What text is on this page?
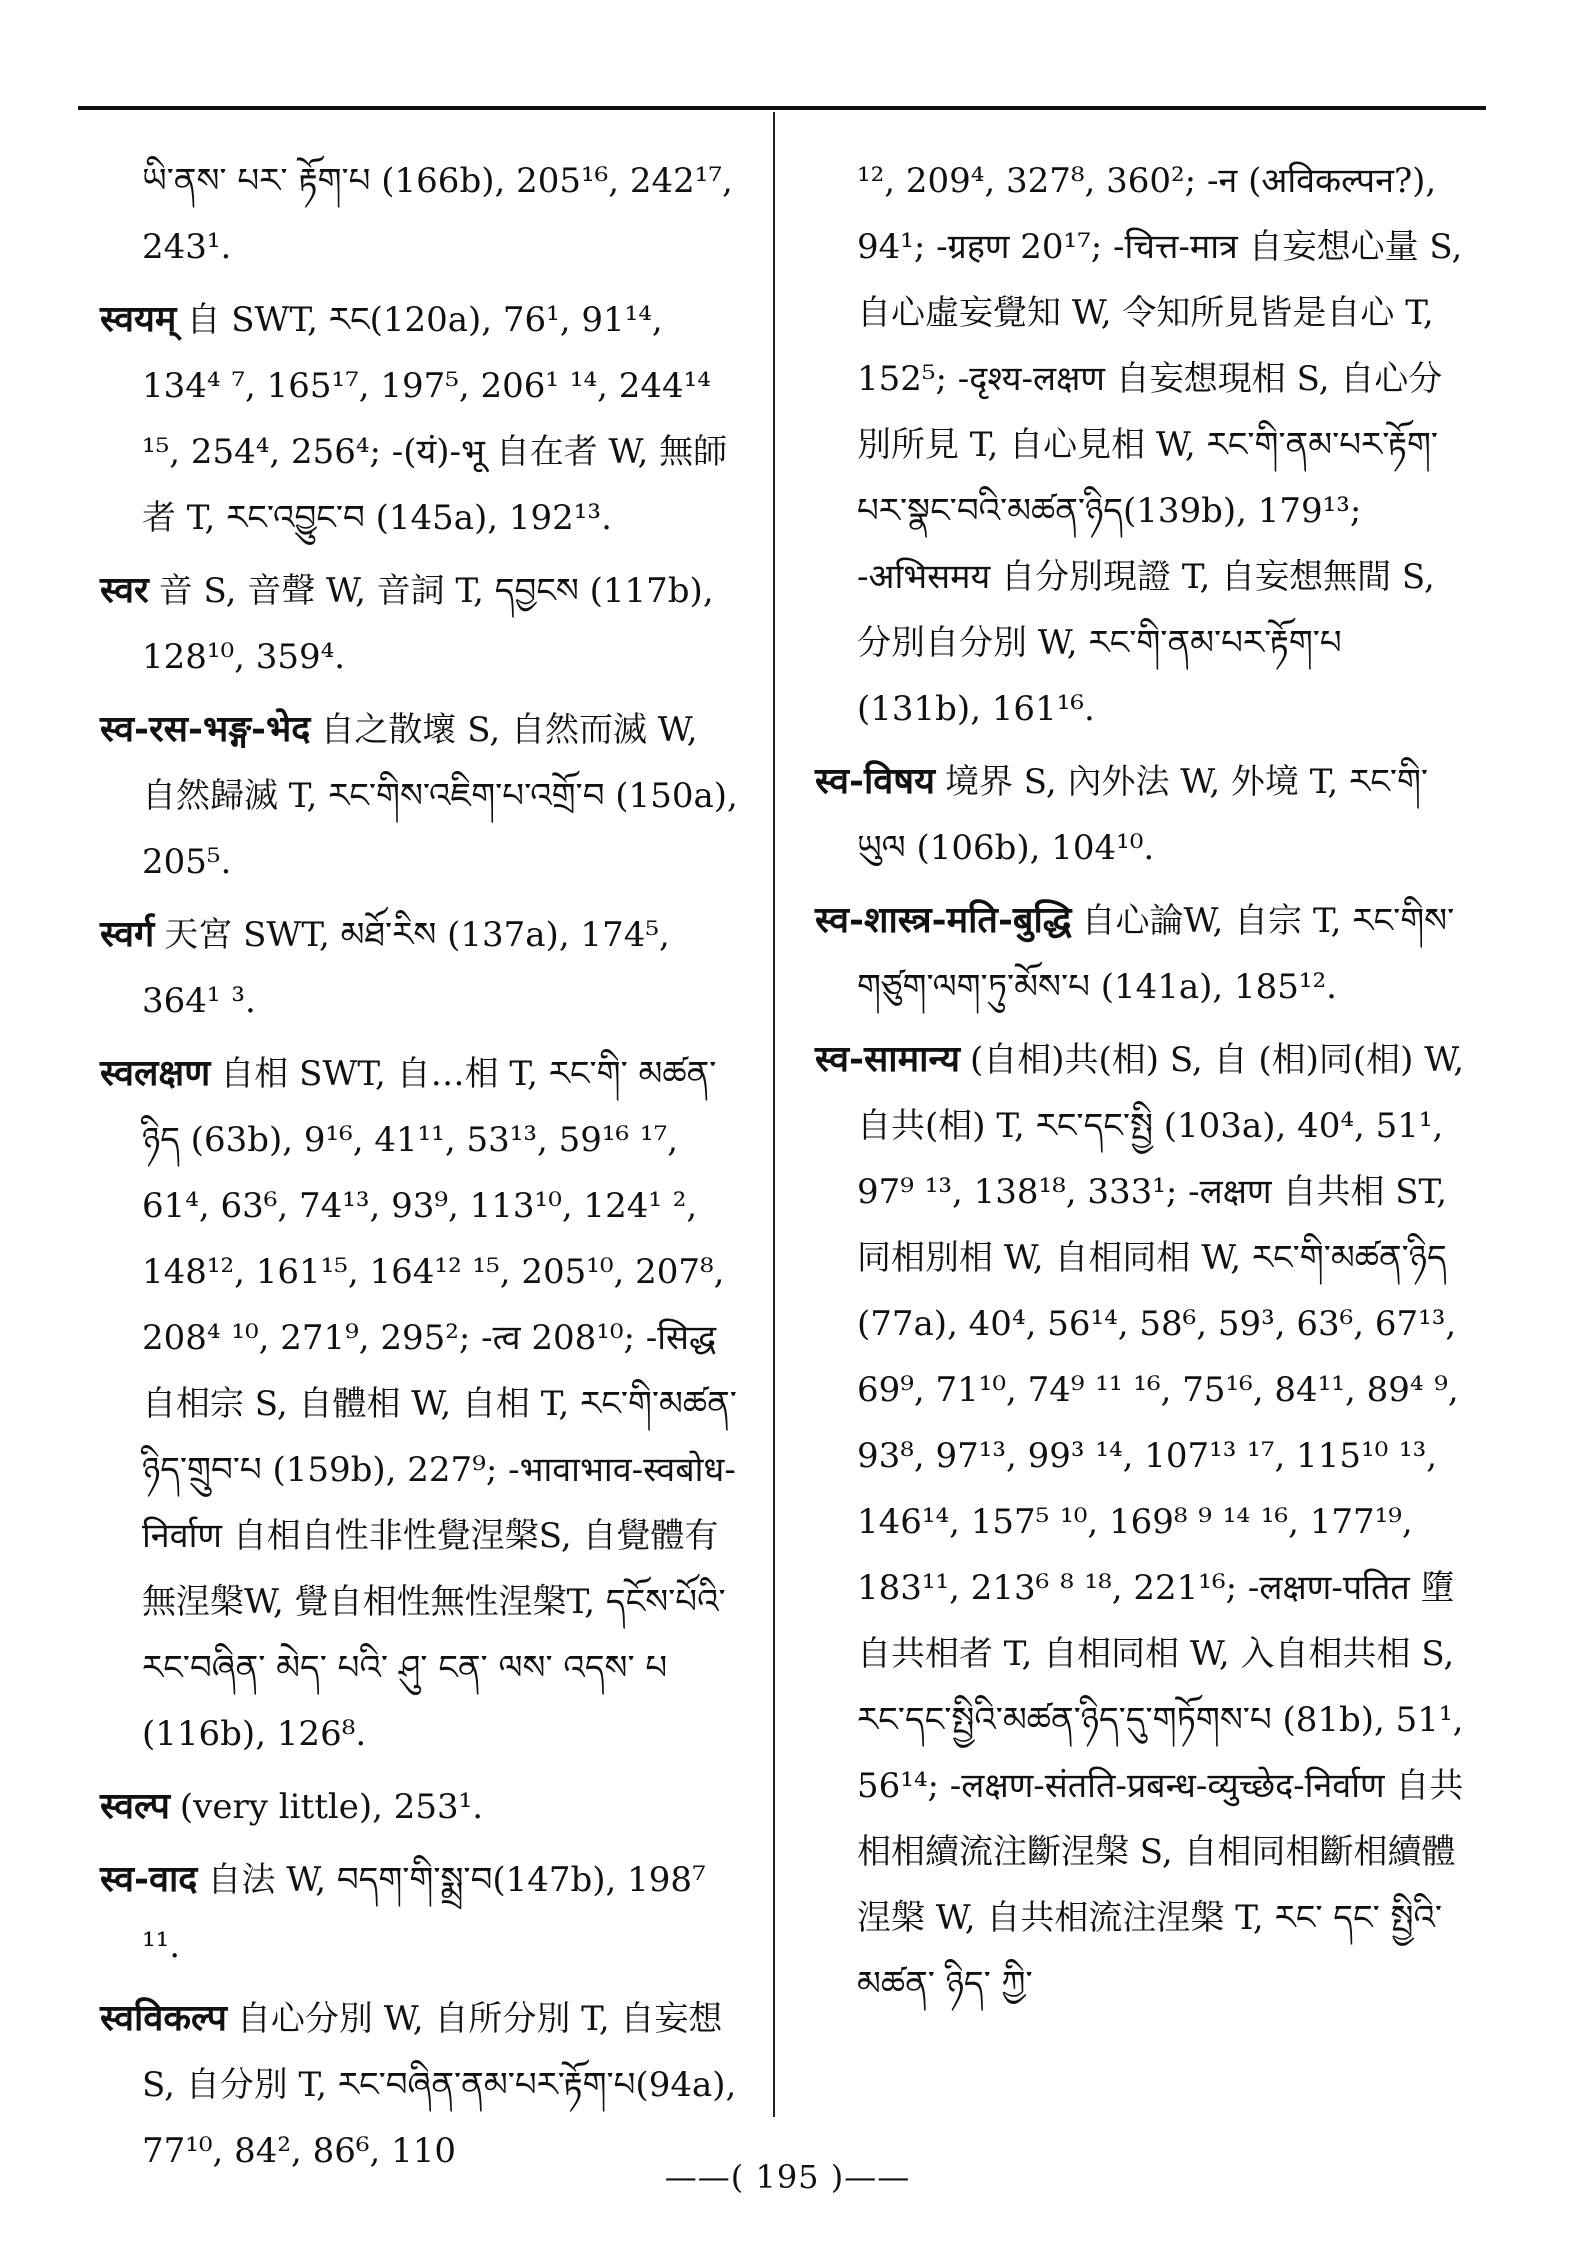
ཡི་ནས་ པར་ རྟོག་པ (166b), 205¹⁶, 242¹⁷, 243¹.
स्वयम् 自 SWT, རང(120a), 76¹, 91¹⁴, 134⁴ ⁷, 165¹⁷, 197⁵, 206¹ ¹⁴, 244¹⁴ ¹⁵, 254⁴, 256⁴; -(यं)-भू 自在者 W, 無師者 T, རང་འབྱུང་བ (145a), 192¹³.
स्वर 音 S, 音聲 W, 音詞 T, དབྱངས (117b), 128¹⁰, 359⁴.
स्व-रस-भङ्ग-भेद 自之散壞 S, 自然而滅 W, 自然歸滅 T, རང་གིས་འཇིག་པ་འགྲོ་བ (150a), 205⁵.
स्वर्ग 天宮 SWT, མཐོ་རིས (137a), 174⁵, 364¹ ³.
स्वलक्षण 自相 SWT, 自…相 T, རང་གི་ མཚན་ ཉིད (63b), 9¹⁶, 41¹¹, 53¹³, 59¹⁶ ¹⁷, 61⁴, 63⁶, 74¹³, 93⁹, 113¹⁰, 124¹ ², 148¹², 161¹⁵, 164¹² ¹⁵, 205¹⁰, 207⁸, 208⁴ ¹⁰, 271⁹, 295²; -त्व 208¹⁰; -सिद्ध 自相宗 S, 自體相 W, 自相 T, རང་གི་མཚན་ཉིད་གྲུབ་པ (159b), 227⁹; -भावाभाव-स्वबोध-निर्वाण 自相自性非性覺涅槃S, 自覺體有無涅槃W, 覺自相性無性涅槃T, དངོས་པོའི་ རང་བཞིན་ མེད་ པའི་ ཤུ་ ངན་ ལས་ འདས་ པ (116b), 126⁸.
स्वल्प (very little), 253¹.
स्व-वाद 自法 W, བདག་གི་སྨྲ་བ(147b), 198⁷ ¹¹.
स्वविकल्प 自心分別 W, 自所分別 T, 自妄想 S, 自分別 T, རང་བཞིན་ནམ་པར་རྟོག་པ(94a), 77¹⁰, 84², 86⁶, 110
¹², 209⁴, 327⁸, 360²; -न (अविकल्पन?), 94¹; -ग्रहण 20¹⁷; -चित्त-मात्र 自妄想心量 S, 自心虛妄覺知 W, 令知所見皆是自心 T, 152⁵; -दृश्य-लक्षण 自妄想現相 S, 自心分別所見 T, 自心見相 W, རང་གི་ནམ་པར་རྟོག་པར་སྣང་བའི་མཚན་ཉིད(139b), 179¹³; -अभिसमय 自分別現證 T, 自妄想無間 S, 分別自分別 W, རང་གི་ནམ་པར་རྟོག་པ (131b), 161¹⁶.
स्व-विषय 境界 S, 內外法 W, 外境 T, རང་གི་ཡུལ (106b), 104¹⁰.
स्व-शास्त्र-मति-बुद्धि 自心論W, 自宗 T, རང་གིས་གཙུག་ལག་ཏུ་མོས་པ (141a), 185¹².
स्व-सामान्य (自相)共(相) S, 自 (相)同(相) W, 自共(相) T, རང་དང་སྤྱི (103a), 40⁴, 51¹, 97⁹ ¹³, 138¹⁸, 333¹; -लक्षण 自共相 ST, 同相別相 W, 自相同相 W, རང་གི་མཚན་ཉིད (77a), 40⁴, 56¹⁴, 58⁶, 59³, 63⁶, 67¹³, 69⁹, 71¹⁰, 74⁹ ¹¹ ¹⁶, 75¹⁶, 84¹¹, 89⁴ ⁹, 93⁸, 97¹³, 99³ ¹⁴, 107¹³ ¹⁷, 115¹⁰ ¹³, 146¹⁴, 157⁵ ¹⁰, 169⁸ ⁹ ¹⁴ ¹⁶, 177¹⁹, 183¹¹, 213⁶ ⁸ ¹⁸, 221¹⁶; -लक्षण-पतित 墮自共相者 T, 自相同相 W, 入自相共相 S, རང་དང་སྤྱིའི་མཚན་ཉིད་དུ་གཏོགས་པ (81b), 51¹, 56¹⁴; -लक्षण-संतति-प्रबन्ध-व्युच्छेद-निर्वाण 自共相相續流注斷涅槃 S, 自相同相斷相續體涅槃 W, 自共相流注涅槃 T, རང་ དང་ སྤྱིའི་ མཚན་ ཉིད་ ཀྱི་
——( 195 )——
